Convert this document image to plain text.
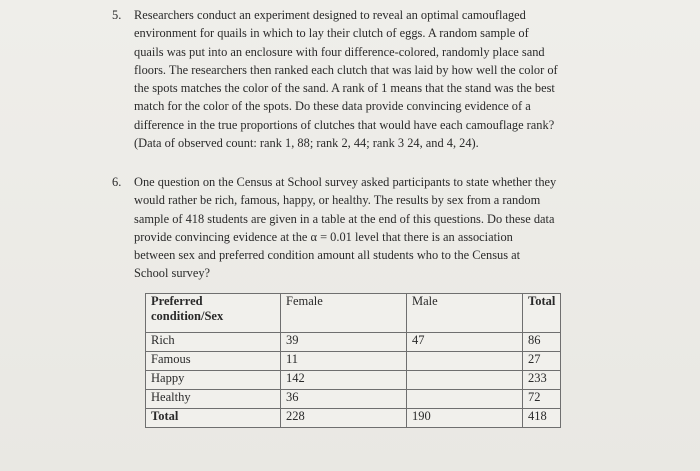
5.	Researchers conduct an experiment designed to reveal an optimal camouflaged
environment for quails in which to lay their clutch of eggs. A random sample of
quails was put into an enclosure with four difference-colored, randomly place sand
floors. The researchers then ranked each clutch that was laid by how well the color of
the spots matches the color of the sand. A rank of 1 means that the stand was the best
match for the color of the spots. Do these data provide convincing evidence of a
difference in the true proportions of clutches that would have each camouflage rank?
(Data of observed count: rank 1, 88; rank 2, 44; rank 3 24, and 4, 24).
6.	One question on the Census at School survey asked participants to state whether they
would rather be rich, famous, happy, or healthy. The results by sex from a random
sample of 418 students are given in a table at the end of this questions. Do these data
provide convincing evidence at the α = 0.01 level that there is an association
between sex and preferred condition amount all students who to the Census at
School survey?
Preferred
condition/Sex	Female	Male	Total
Rich	39	47	86
Famous	11		27
Happy	142		233
Healthy	36		72
Total	228	190	418
